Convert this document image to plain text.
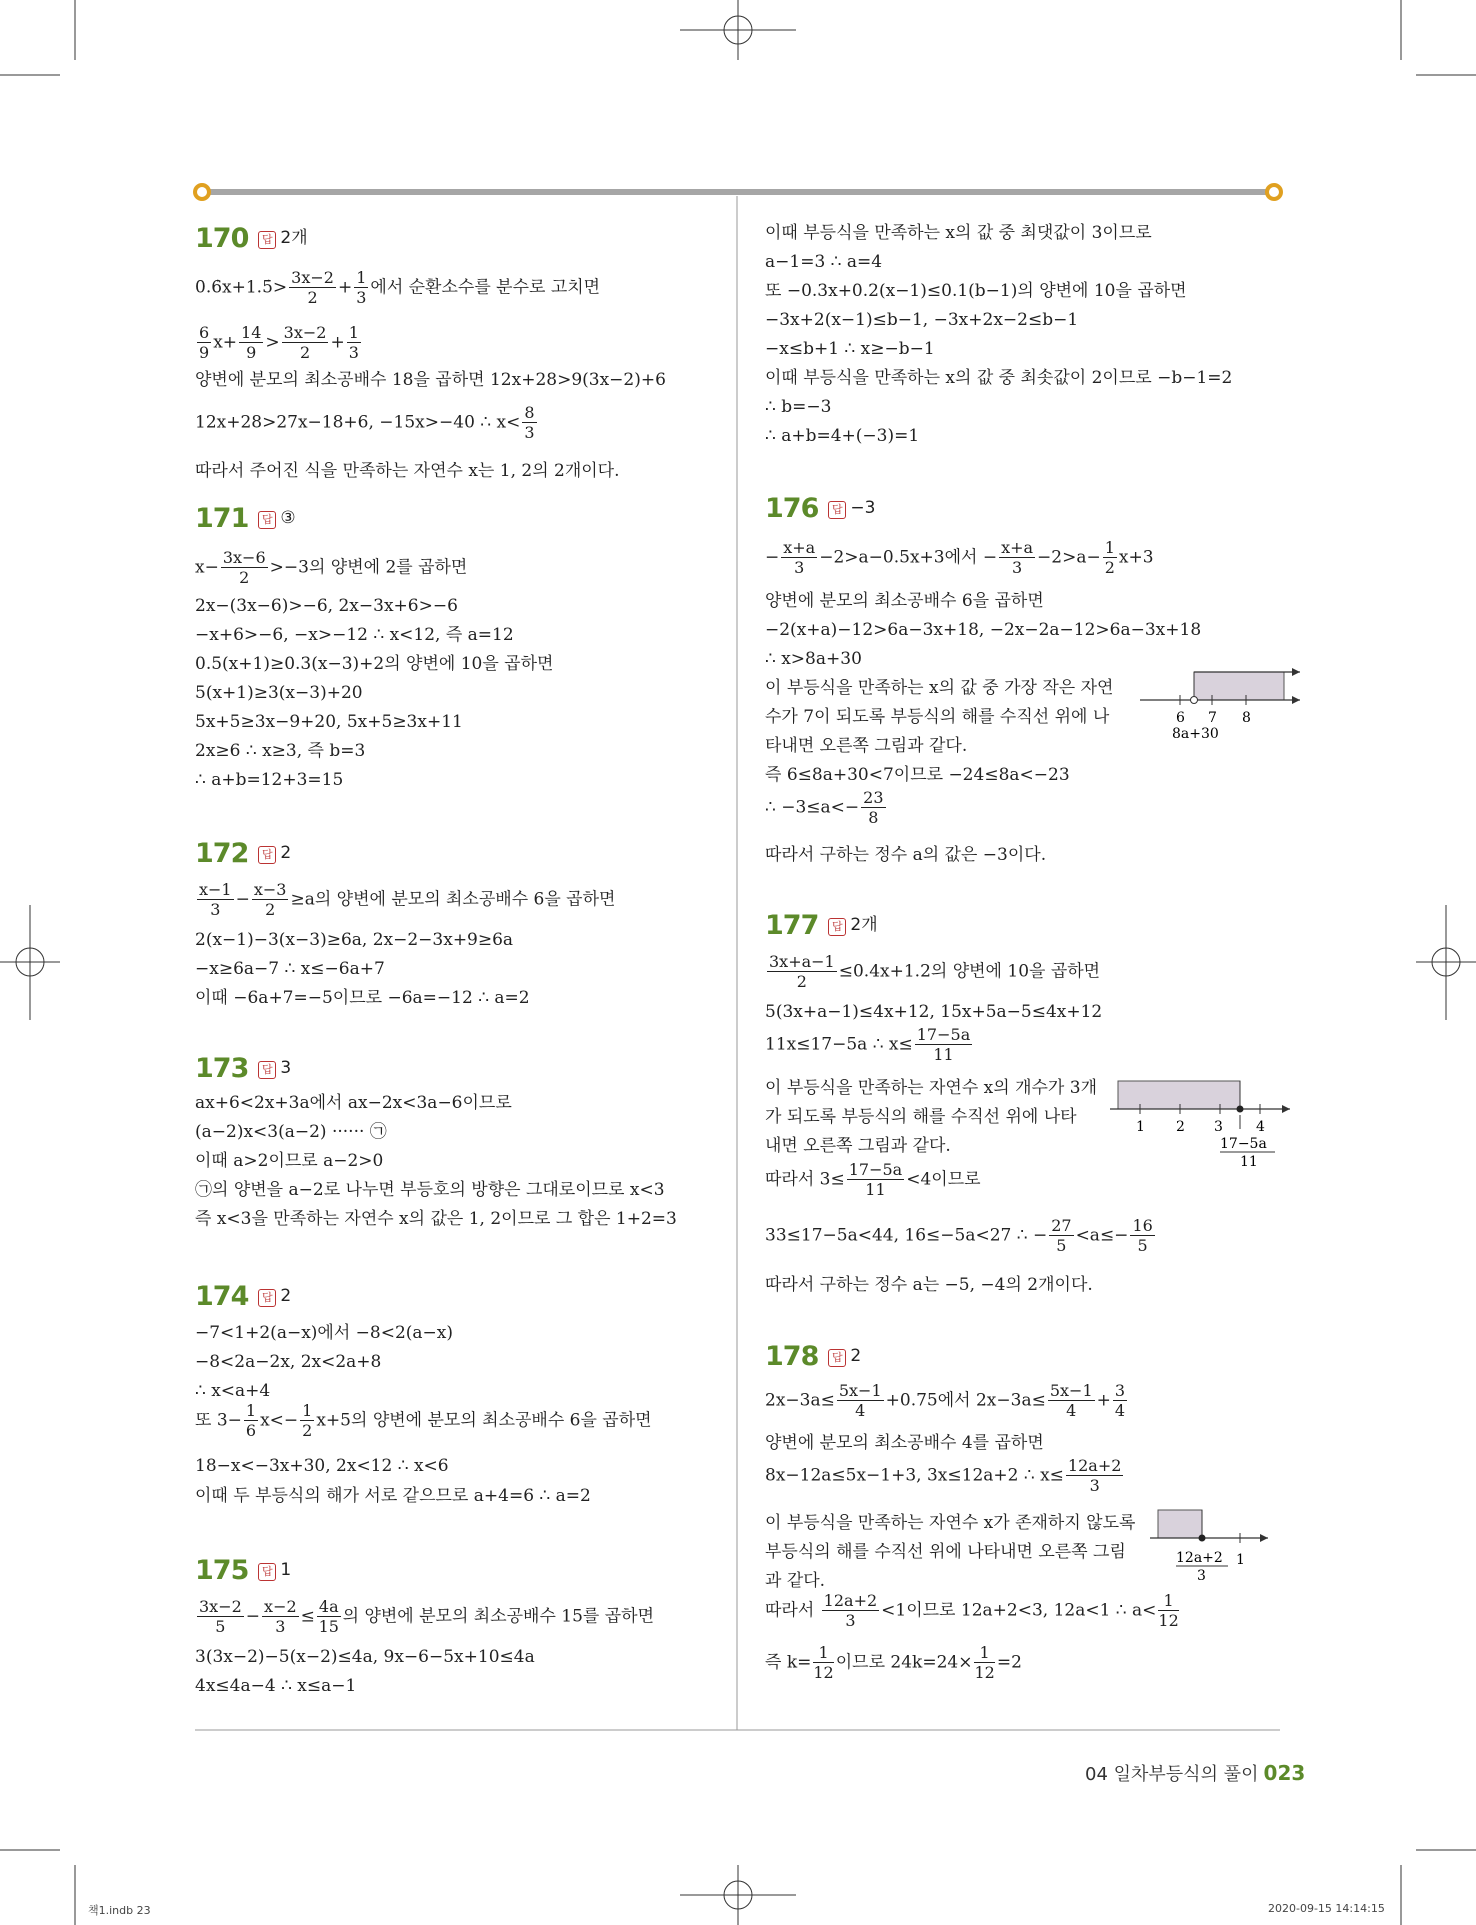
170 답 2개
0.6̇x+1.5̇> $\frac{3x-2}{2} + \frac{1}{3}$ 에서 순환소수를 분수로 고치면
$\frac{6}{9} x+ \frac{14}{9} > \frac{3x-2}{2} + \frac{1}{3}$
양변에 분모의 최소공배수 18을 곱하면 12x+28>9(3x−2)+6
12x+28>27x−18+6, −15x>−40 ∴ $x< \frac{8}{3}$
따라서 주어진 식을 만족하는 자연수 x는 1, 2의 2개이다.
171 답 ③
$x- \frac{3x-6}{2} >-3$의 양변에 2를 곱하면
2x−(3x−6)>−6, 2x−3x+6>−6
−x+6>−6, −x>−12 ∴ x<12, 즉 a=12
0.5(x+1)≥0.3(x−3)+2의 양변에 10을 곱하면
5(x+1)≥3(x−3)+20
5x+5≥3x−9+20, 5x+5≥3x+11
2x≥6 ∴ x≥3, 즉 b=3
∴ a+b=12+3=15
172 답 2
$\frac{x-1}{3} - \frac{x-3}{2} \ge a$의 양변에 분모의 최소공배수 6을 곱하면
2(x−1)−3(x−3)≥6a, 2x−2−3x+9≥6a
−x≥6a−7 ∴ x≤−6a+7
이때 −6a+7=−5이므로 −6a=−12 ∴ a=2
173 답 3
ax+6<2x+3a에서 ax−2x<3a−6이므로
(a−2)x<3(a−2) ······ ㉠
이때 a>2이므로 a−2>0
㉠의 양변을 a−2로 나누면 부등호의 방향은 그대로이므로 x<3
즉 x<3을 만족하는 자연수 x의 값은 1, 2이므로 그 합은 1+2=3
174 답 2
−7<1+2(a−x)에서 −8<2(a−x)
−8<2a−2x, 2x<2a+8
∴ x<a+4
또 $3- \frac{1}{6} x<- \frac{1}{2} x+5$의 양변에 분모의 최소공배수 6을 곱하면
18−x<−3x+30, 2x<12 ∴ x<6
이때 두 부등식의 해가 서로 같으므로 a+4=6 ∴ a=2
175 답 1
$\frac{3x-2}{5} - \frac{x-2}{3} \le \frac{4a}{15}$ 의 양변에 분모의 최소공배수 15를 곱하면
3(3x−2)−5(x−2)≤4a, 9x−6−5x+10≤4a
4x≤4a−4 ∴ x≤a−1
이때 부등식을 만족하는 x의 값 중 최댓값이 3이므로
a−1=3 ∴ a=4
또 −0.3x+0.2(x−1)≤0.1(b−1)의 양변에 10을 곱하면
−3x+2(x−1)≤b−1, −3x+2x−2≤b−1
−x≤b+1 ∴ x≥−b−1
이때 부등식을 만족하는 x의 값 중 최솟값이 2이므로 −b−1=2
∴ b=−3
∴ a+b=4+(−3)=1
176 답 −3
− $\frac{x+a}{3} -2>a-0.5x+3$에서 − $\frac{x+a}{3} -2>a- \frac{1}{2} x+3$
양변에 분모의 최소공배수 6을 곱하면
−2(x+a)−12>6a−3x+18, −2x−2a−12>6a−3x+18
∴ x>8a+30
이 부등식을 만족하는 x의 값 중 가장 작은 자연
수가 7이 되도록 부등식의 해를 수직선 위에 나
타내면 오른쪽 그림과 같다.
즉 6≤8a+30<7이므로 −24≤8a<−23
∴ $-3\le a<- \frac{23}{8}$
따라서 구하는 정수 a의 값은 −3이다.
6 7 8
8a+30
177 답 2개
$\frac{3x+a-1}{2} \le 0.4x+1.2$의 양변에 10을 곱하면
5(3x+a−1)≤4x+12, 15x+5a−5≤4x+12
11x≤17−5a ∴ $x\le \frac{17-5a}{11}$
이 부등식을 만족하는 자연수 x의 개수가 3개
가 되도록 부등식의 해를 수직선 위에 나타
내면 오른쪽 그림과 같다.
따라서 $3\le \frac{17-5a}{11} <4$이므로
33≤17−5a<44, 16≤−5a<27 ∴ − $\frac{27}{5} <a\le- \frac{16}{5}$
따라서 구하는 정수 a는 −5, −4의 2개이다.
1 2 3 4
17−5a
11
178 답 2
$2x-3a\le \frac{5x-1}{4} +0.75$에서 $2x-3a\le \frac{5x-1}{4} + \frac{3}{4}$
양변에 분모의 최소공배수 4를 곱하면
8x−12a≤5x−1+3, 3x≤12a+2 ∴ $x\le \frac{12a+2}{3}$
이 부등식을 만족하는 자연수 x가 존재하지 않도록
부등식의 해를 수직선 위에 나타내면 오른쪽 그림
과 같다.
따라서 $\frac{12a+2}{3} <1$이므로 12a+2<3, 12a<1 ∴ $a< \frac{1}{12}$
즉 $k= \frac{1}{12}$ 이므로 $24k=24\times \frac{1}{12} =2$
1
12a+2
3
04 일차부등식의 풀이 023
책1.indb 23	2020-09-15 14:14:15
